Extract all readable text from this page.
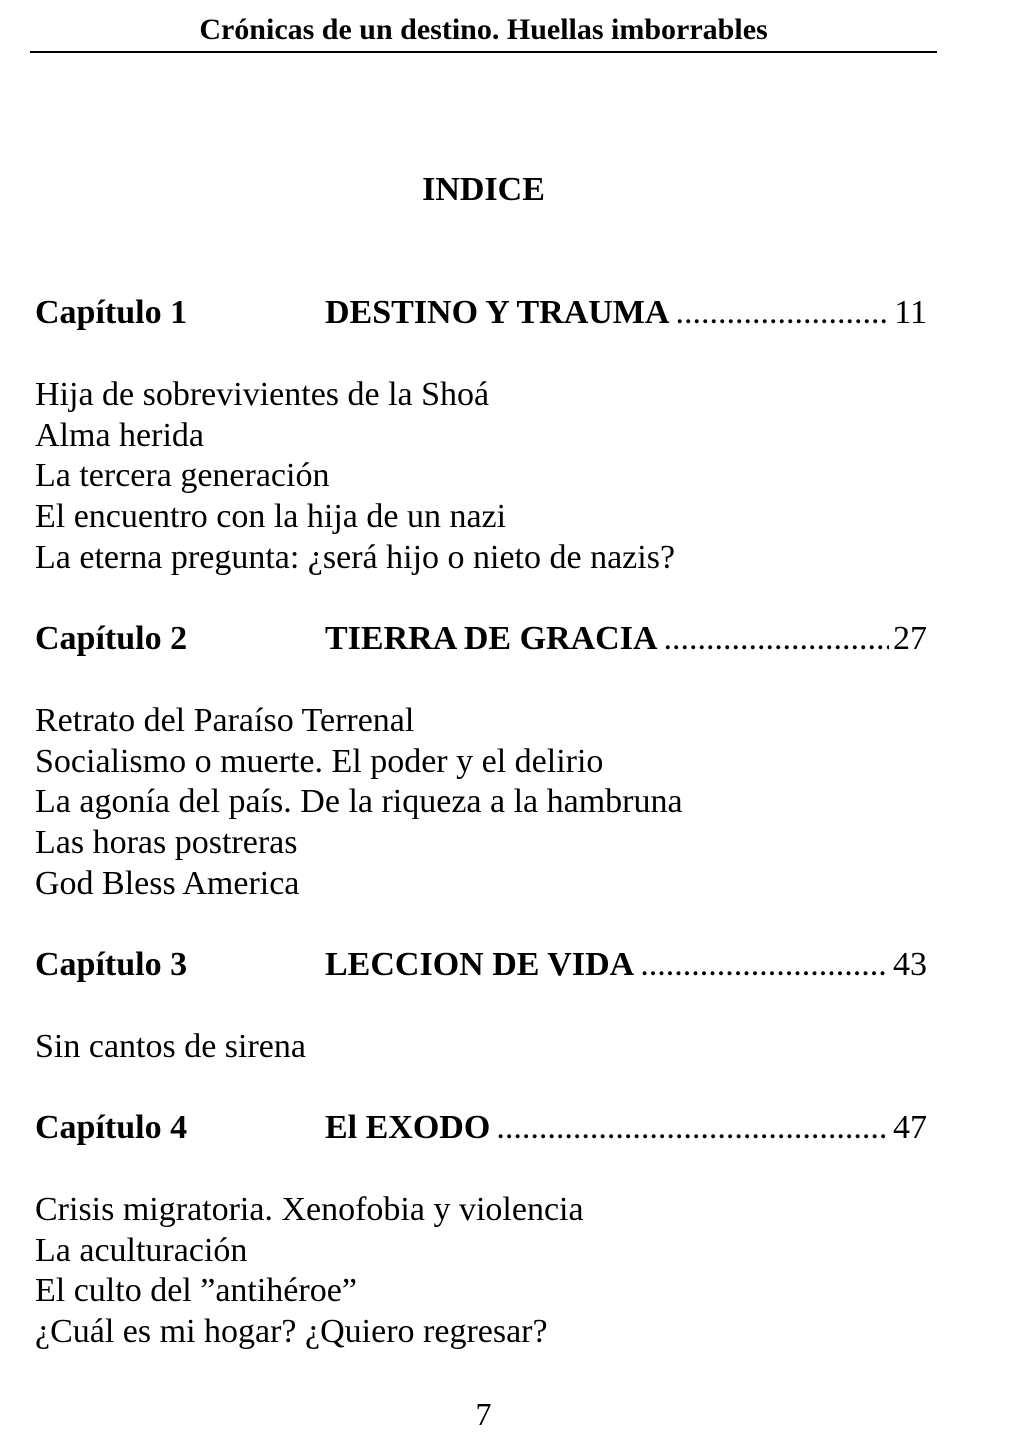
Crónicas de un destino. Huellas imborrables
INDICE
Capítulo 1	DESTINO Y TRAUMA .....	11
Hija de sobrevivientes de la Shoá
Alma herida
La tercera generación
El encuentro con la hija de un nazi
La eterna pregunta: ¿será hijo o nieto de nazis?
Capítulo 2	TIERRA DE GRACIA .....	27
Retrato del Paraíso Terrenal
Socialismo o muerte. El poder y el delirio
La agonía del país. De la riqueza a la hambruna
Las horas postreras
God Bless America
Capítulo 3	LECCION DE VIDA .....	43
Sin cantos de sirena
Capítulo 4	El EXODO .....	47
Crisis migratoria. Xenofobia y violencia
La aculturación
El culto del ”antihéroe”
¿Cuál es mi hogar? ¿Quiero regresar?
7
